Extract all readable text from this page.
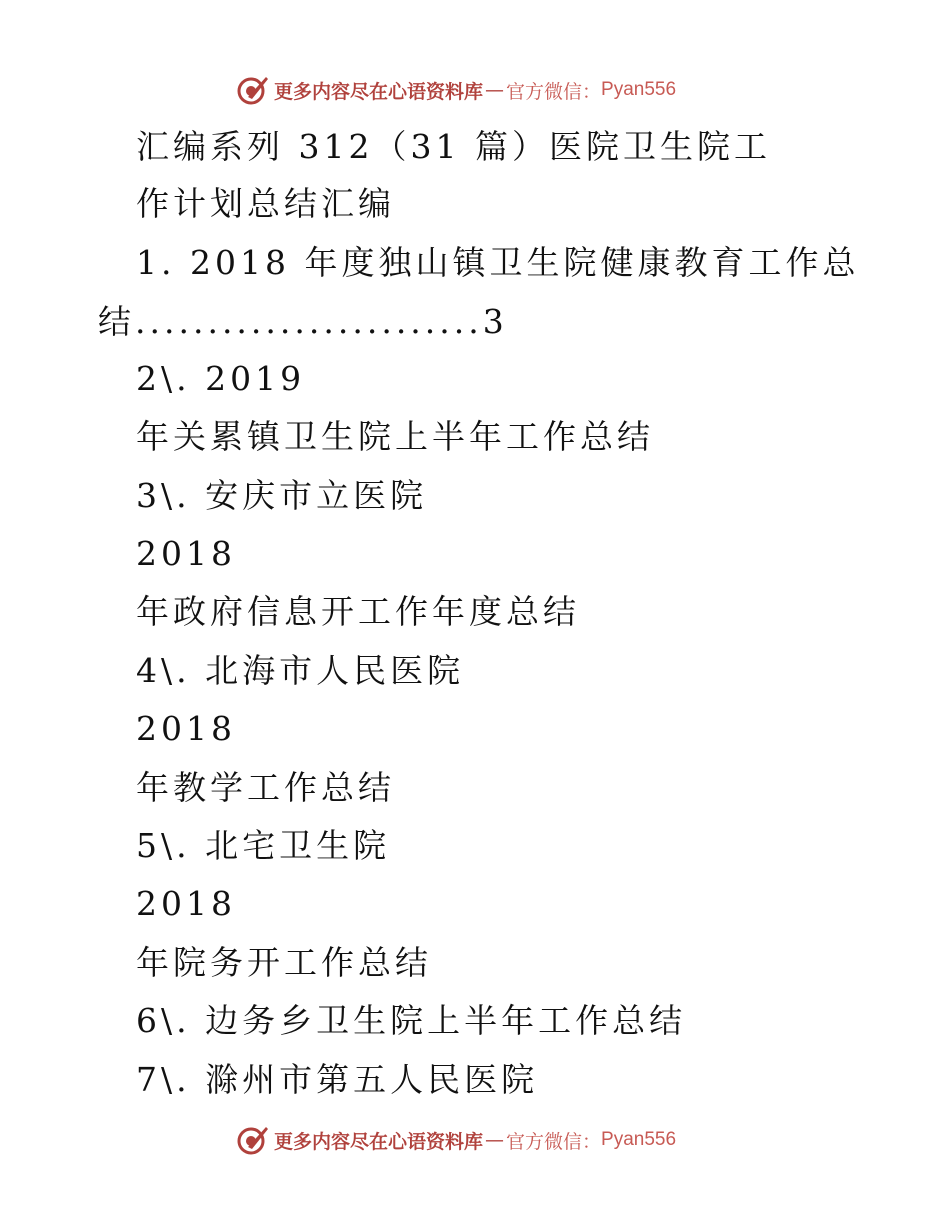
更多内容尽在心语资料库 — 官方微信： Pyan556
汇编系列 312（31 篇）医院卫生院工
作计划总结汇编
1. 2018 年度独山镇卫生院健康教育工作总
结........................3
2\. 2019
年关累镇卫生院上半年工作总结
3\. 安庆市立医院
2018
年政府信息开工作年度总结
4\. 北海市人民医院
2018
年教学工作总结
5\. 北宅卫生院
2018
年院务开工作总结
6\. 边务乡卫生院上半年工作总结
7\. 滁州市第五人民医院
更多内容尽在心语资料库 — 官方微信： Pyan556
